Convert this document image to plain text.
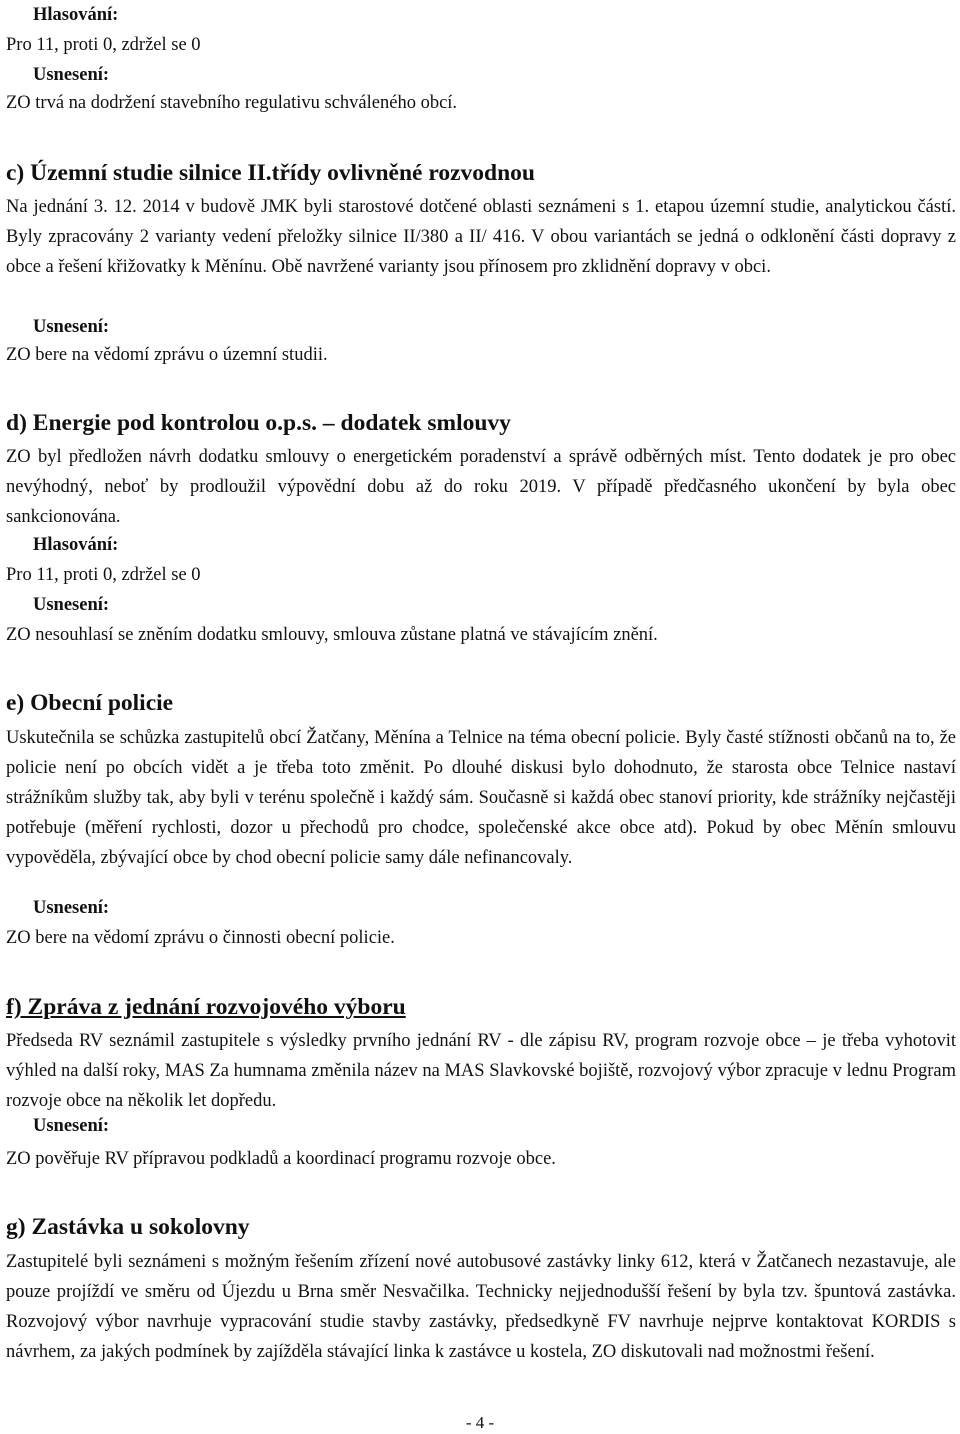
Hlasování:
Pro 11, proti 0, zdržel se 0
Usnesení:
ZO trvá na dodržení stavebního regulativu schváleného obcí.
c) Územní studie silnice II.třídy ovlivněné rozvodnou
Na jednání 3. 12. 2014 v budově JMK byli starostové dotčené oblasti seznámeni s 1. etapou územní studie, analytickou částí. Byly zpracovány 2 varianty vedení přeložky silnice II/380 a II/ 416. V obou variantách se jedná o odklonění části dopravy z obce a řešení křižovatky k Měnínu. Obě navržené varianty jsou přínosem pro zklidnění dopravy v obci.
Usnesení:
ZO bere na vědomí zprávu o územní studii.
d) Energie pod kontrolou o.p.s. – dodatek smlouvy
ZO byl předložen návrh dodatku smlouvy o energetickém poradenství a správě odběrných míst. Tento dodatek je pro obec nevýhodný, neboť by prodloužil výpovědní dobu až do roku 2019. V případě předčasného ukončení by byla obec sankcionována.
Hlasování:
Pro 11, proti 0, zdržel se 0
Usnesení:
ZO nesouhlasí se zněním dodatku smlouvy, smlouva zůstane platná ve stávajícím znění.
e) Obecní policie
Uskutečnila se schůzka zastupitelů obcí Žatčany, Měnína a Telnice na téma obecní policie. Byly časté stížnosti občanů na to, že policie není po obcích vidět a je třeba toto změnit. Po dlouhé diskusi bylo dohodnuto, že starosta obce Telnice nastaví strážníkům služby tak, aby byli v terénu společně i každý sám. Současně si každá obec stanoví priority, kde strážníky nejčastěji potřebuje (měření rychlosti, dozor u přechodů pro chodce, společenské akce obce atd). Pokud by obec Měnín smlouvu vypověděla, zbývající obce by chod obecní policie samy dále nefinancovaly.
Usnesení:
ZO bere na vědomí zprávu o činnosti obecní policie.
f) Zpráva z jednání rozvojového výboru
Předseda RV seznámil zastupitele s výsledky prvního jednání RV - dle zápisu RV, program rozvoje obce – je třeba vyhotovit výhled na další roky, MAS Za humnama změnila název na MAS Slavkovské bojiště, rozvojový výbor zpracuje v lednu Program rozvoje obce na několik let dopředu.
Usnesení:
ZO pověřuje RV přípravou podkladů a koordinací programu rozvoje obce.
g) Zastávka u sokolovny
Zastupitelé byli seznámeni s možným řešením zřízení nové autobusové zastávky linky 612, která v Žatčanech nezastavuje, ale pouze projíždí ve směru od Újezdu u Brna směr Nesvačilka. Technicky nejjednodušší řešení by byla tzv. špuntová zastávka. Rozvojový výbor navrhuje vypracování studie stavby zastávky, předsedkyně FV navrhuje nejprve kontaktovat KORDIS s návrhem, za jakých podmínek by zajížděla stávající linka k zastávce u kostela, ZO diskutovali nad možnostmi řešení.
- 4 -
